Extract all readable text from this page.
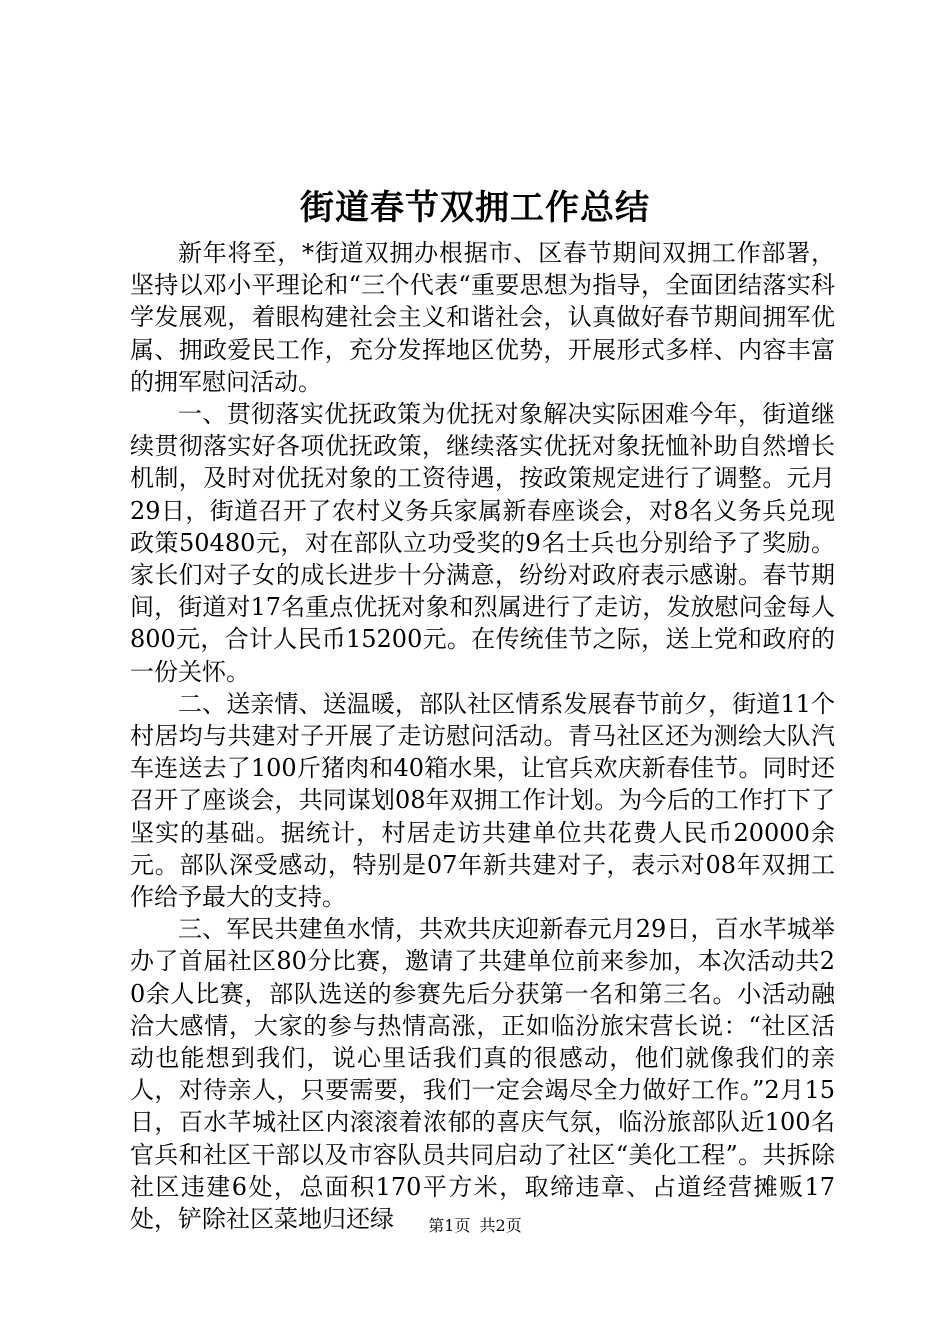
街道春节双拥工作总结

新年将至，*街道双拥办根据市、区春节期间双拥工作部署，坚持以邓小平理论和“三个代表“重要思想为指导，全面团结落实科学发展观，着眼构建社会主义和谐社会，认真做好春节期间拥军优属、拥政爱民工作，充分发挥地区优势，开展形式多样、内容丰富的拥军慰问活动。

一、贯彻落实优抚政策为优抚对象解决实际困难今年，街道继续贯彻落实好各项优抚政策，继续落实优抚对象抚恤补助自然增长机制，及时对优抚对象的工资待遇，按政策规定进行了调整。元月29日，街道召开了农村义务兵家属新春座谈会，对8名义务兵兑现政策50480元，对在部队立功受奖的9名士兵也分别给予了奖励。家长们对子女的成长进步十分满意，纷纷对政府表示感谢。春节期间，街道对17名重点优抚对象和烈属进行了走访，发放慰问金每人800元，合计人民币15200元。在传统佳节之际，送上党和政府的一份关怀。

二、送亲情、送温暖，部队社区情系发展春节前夕，街道11个村居均与共建对子开展了走访慰问活动。青马社区还为测绘大队汽车连送去了100斤猪肉和40箱水果，让官兵欢庆新春佳节。同时还召开了座谈会，共同谋划08年双拥工作计划。为今后的工作打下了坚实的基础。据统计，村居走访共建单位共花费人民币20000余元。部队深受感动，特别是07年新共建对子，表示对08年双拥工作给予最大的支持。

三、军民共建鱼水情，共欢共庆迎新春元月29日，百水芊城举办了首届社区80分比赛，邀请了共建单位前来参加，本次活动共20余人比赛，部队选送的参赛先后分获第一名和第三名。小活动融洽大感情，大家的参与热情高涨，正如临汾旅宋营长说：“社区活动也能想到我们，说心里话我们真的很感动，他们就像我们的亲人，对待亲人，只要需要，我们一定会竭尽全力做好工作。”2月15日，百水芊城社区内滚滚着浓郁的喜庆气氛，临汾旅部队近100名官兵和社区干部以及市容队员共同启动了社区“美化工程”。共拆除社区违建6处，总面积170平方米，取缔违章、占道经营摊贩17处，铲除社区菜地归还绿	第1页 共2页
